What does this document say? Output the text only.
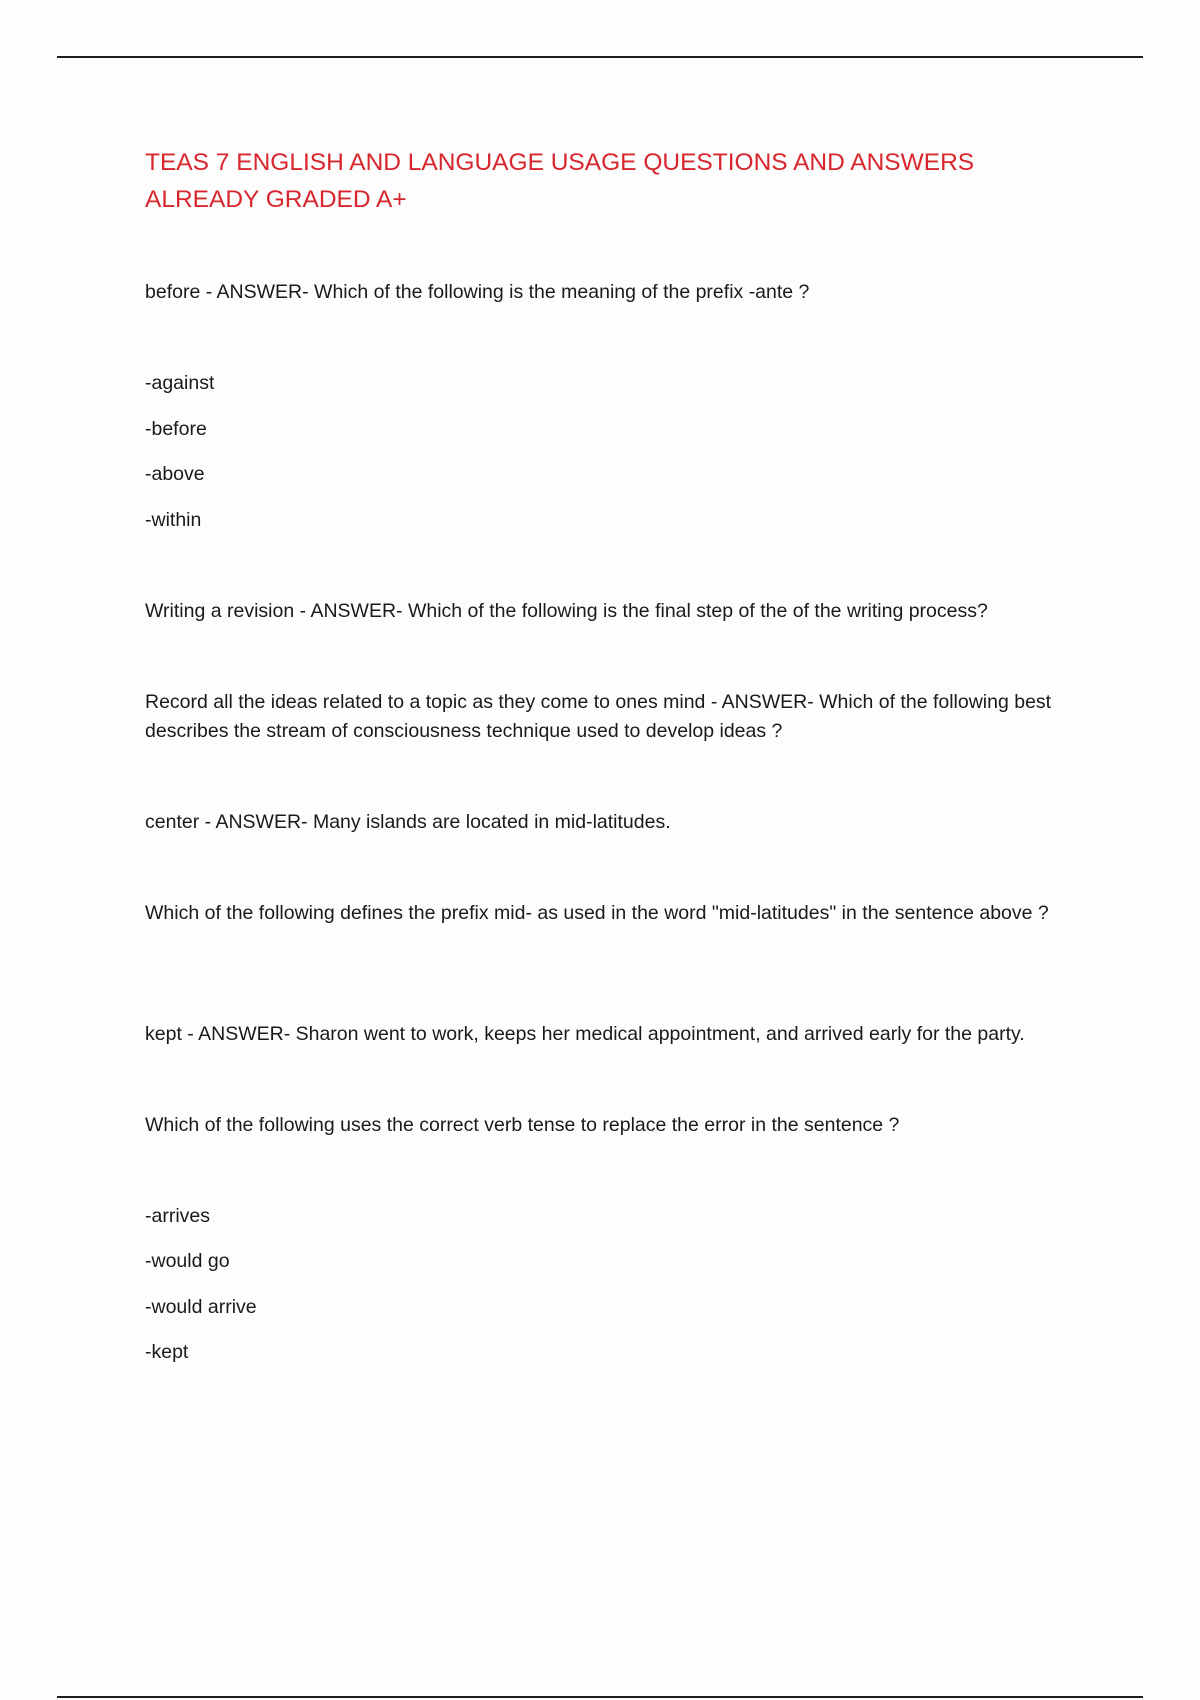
TEAS 7 ENGLISH AND LANGUAGE USAGE QUESTIONS AND ANSWERS ALREADY GRADED A+

before - ANSWER- Which of the following is the meaning of the prefix -ante ?

-against

-before

-above

-within

Writing a revision - ANSWER- Which of the following is the final step of the of the writing process?

Record all the ideas related to a topic as they come to ones mind - ANSWER- Which of the following best describes the stream of consciousness technique used to develop ideas ?

center - ANSWER- Many islands are located in mid-latitudes.

Which of the following defines the prefix mid- as used in the word "mid-latitudes" in the sentence above ?

kept - ANSWER- Sharon went to work, keeps her medical appointment, and arrived early for the party.

Which of the following uses the correct verb tense to replace the error in the sentence ?

-arrives

-would go

-would arrive

-kept
